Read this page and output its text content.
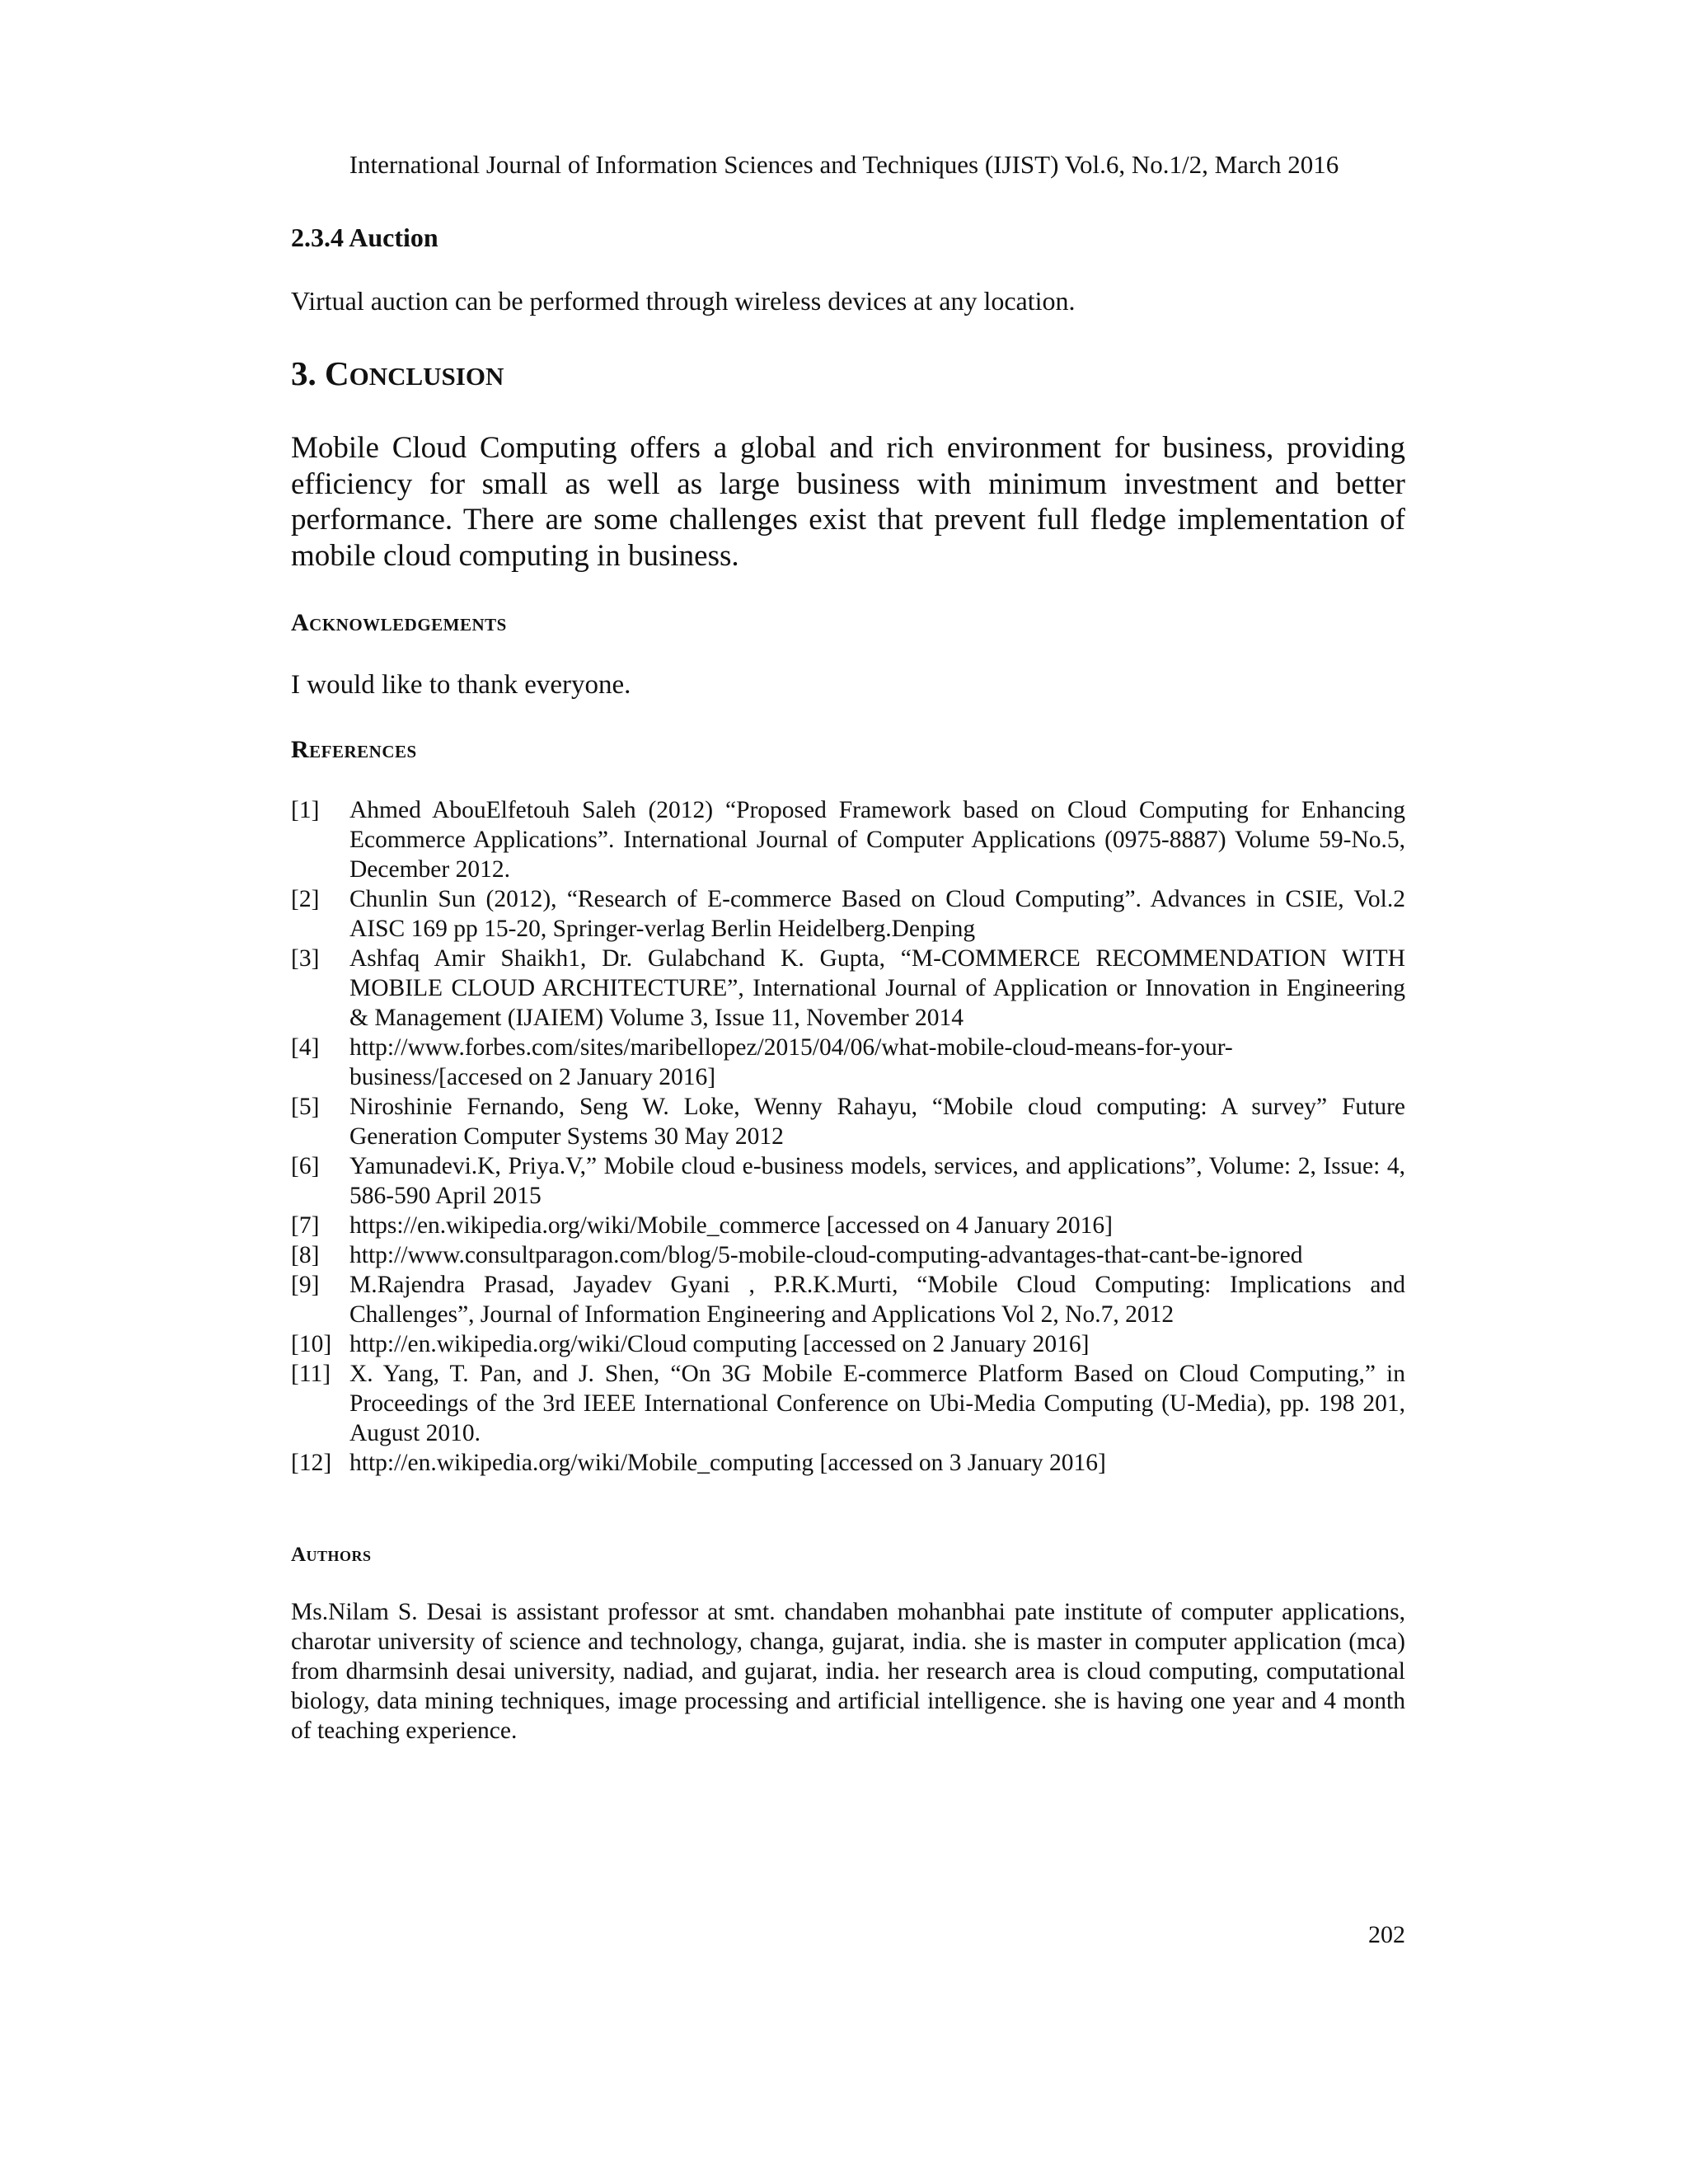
International Journal of Information Sciences and Techniques (IJIST) Vol.6, No.1/2, March 2016
2.3.4 Auction
Virtual auction can be performed through wireless devices at any location.
3. CONCLUSION
Mobile Cloud Computing offers a global and rich environment for business, providing efficiency for small as well as large business with minimum investment and better performance. There are some challenges exist that prevent full fledge implementation of mobile cloud computing in business.
Acknowledgements
I would like to thank everyone.
References
[1] Ahmed AbouElfetouh Saleh (2012) “Proposed Framework based on Cloud Computing for Enhancing Ecommerce Applications”. International Journal of Computer Applications (0975-8887) Volume 59-No.5, December 2012.
[2] Chunlin Sun (2012), “Research of E-commerce Based on Cloud Computing”. Advances in CSIE, Vol.2 AISC 169 pp 15-20, Springer-verlag Berlin Heidelberg.Denping
[3] Ashfaq Amir Shaikh1, Dr. Gulabchand K. Gupta, “M-COMMERCE RECOMMENDATION WITH MOBILE CLOUD ARCHITECTURE”, International Journal of Application or Innovation in Engineering & Management (IJAIEM) Volume 3, Issue 11, November 2014
[4] http://www.forbes.com/sites/maribellopez/2015/04/06/what-mobile-cloud-means-for-your-business/[accesed on 2 January 2016]
[5] Niroshinie Fernando, Seng W. Loke, Wenny Rahayu, “Mobile cloud computing: A survey” Future Generation Computer Systems 30 May 2012
[6] Yamunadevi.K, Priya.V,” Mobile cloud e-business models, services, and applications”, Volume: 2, Issue: 4, 586-590 April 2015
[7] https://en.wikipedia.org/wiki/Mobile_commerce [accessed on 4 January 2016]
[8] http://www.consultparagon.com/blog/5-mobile-cloud-computing-advantages-that-cant-be-ignored
[9] M.Rajendra Prasad, Jayadev Gyani , P.R.K.Murti, “Mobile Cloud Computing: Implications and Challenges”, Journal of Information Engineering and Applications Vol 2, No.7, 2012
[10] http://en.wikipedia.org/wiki/Cloud computing [accessed on 2 January 2016]
[11] X. Yang, T. Pan, and J. Shen, “On 3G Mobile E-commerce Platform Based on Cloud Computing,” in Proceedings of the 3rd IEEE International Conference on Ubi-Media Computing (U-Media), pp. 198 201, August 2010.
[12] http://en.wikipedia.org/wiki/Mobile_computing [accessed on 3 January 2016]
Authors
Ms.Nilam S. Desai is assistant professor at smt. chandaben mohanbhai pate institute of computer applications, charotar university of science and technology, changa, gujarat, india. she is master in computer application (mca) from dharmsinh desai university, nadiad, and gujarat, india. her research area is cloud computing, computational biology, data mining techniques, image processing and artificial intelligence. she is having one year and 4 month of teaching experience.
202
